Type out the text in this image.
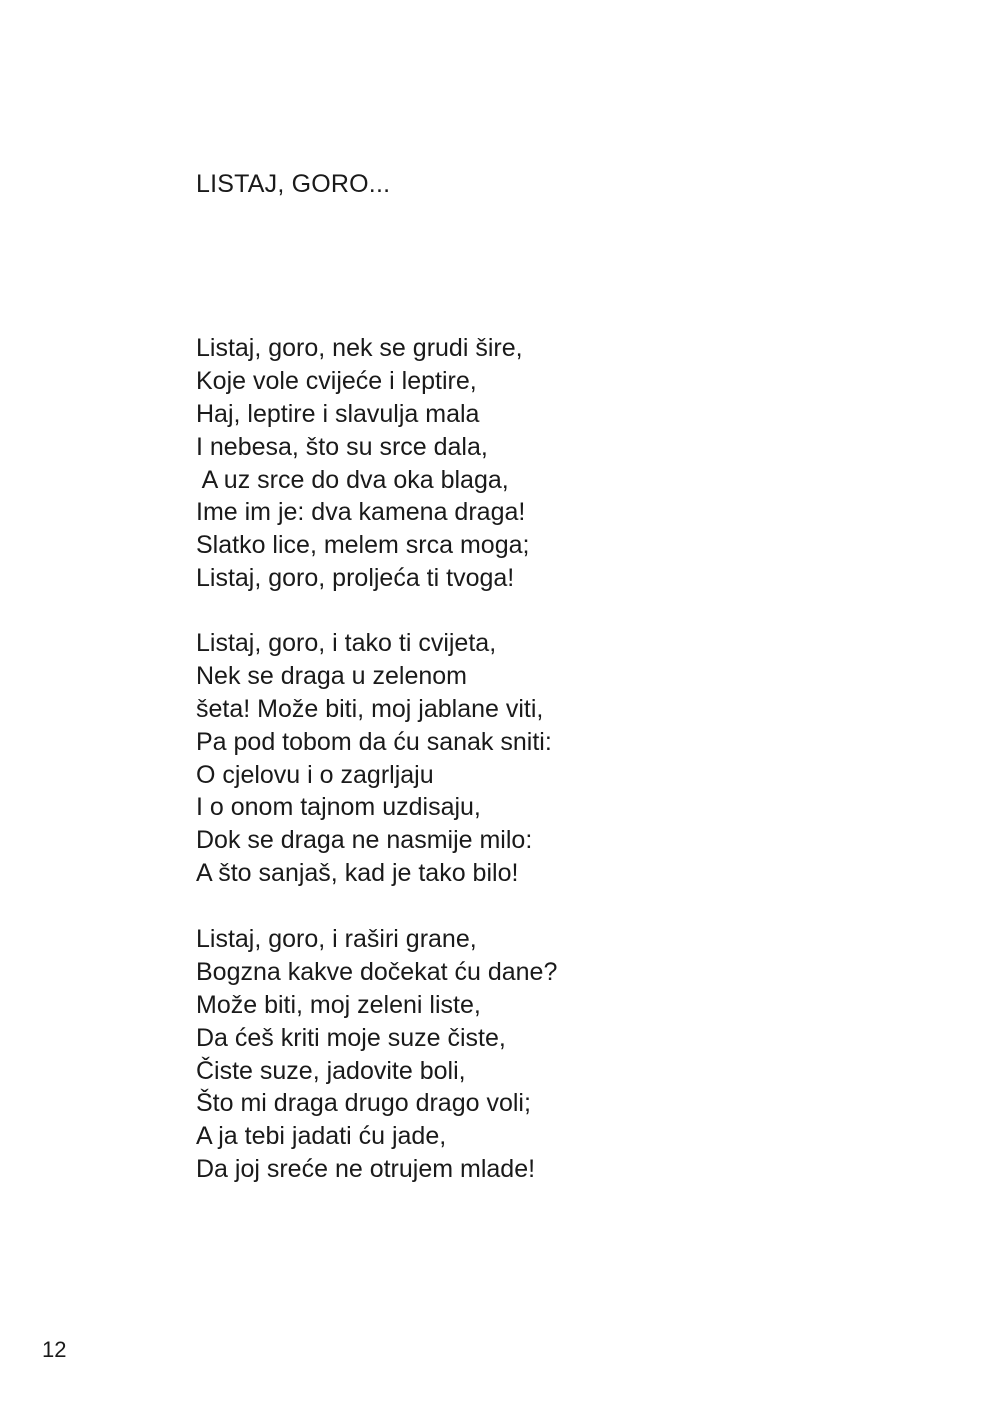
LISTAJ, GORO...
Listaj, goro, nek se grudi šire,
Koje vole cvijeće i leptire,
Haj, leptire i slavulja mala
I nebesa, što su srce dala,
A uz srce do dva oka blaga,
Ime im je: dva kamena draga!
Slatko lice, melem srca moga;
Listaj, goro, proljeća ti tvoga!
Listaj, goro, i tako ti cvijeta,
Nek se draga u zelenom
šeta! Može biti, moj jablane viti,
Pa pod tobom da ću sanak sniti:
O cjelovu i o zagrljaju
I o onom tajnom uzdisaju,
Dok se draga ne nasmije milo:
A što sanjaš, kad je tako bilo!
Listaj, goro, i raširi grane,
Bogzna kakve dočekat ću dane?
Može biti, moj zeleni liste,
Da ćeš kriti moje suze čiste,
Čiste suze, jadovite boli,
Što mi draga drugo drago voli;
A ja tebi jadati ću jade,
Da joj sreće ne otrujem mlade!
12
